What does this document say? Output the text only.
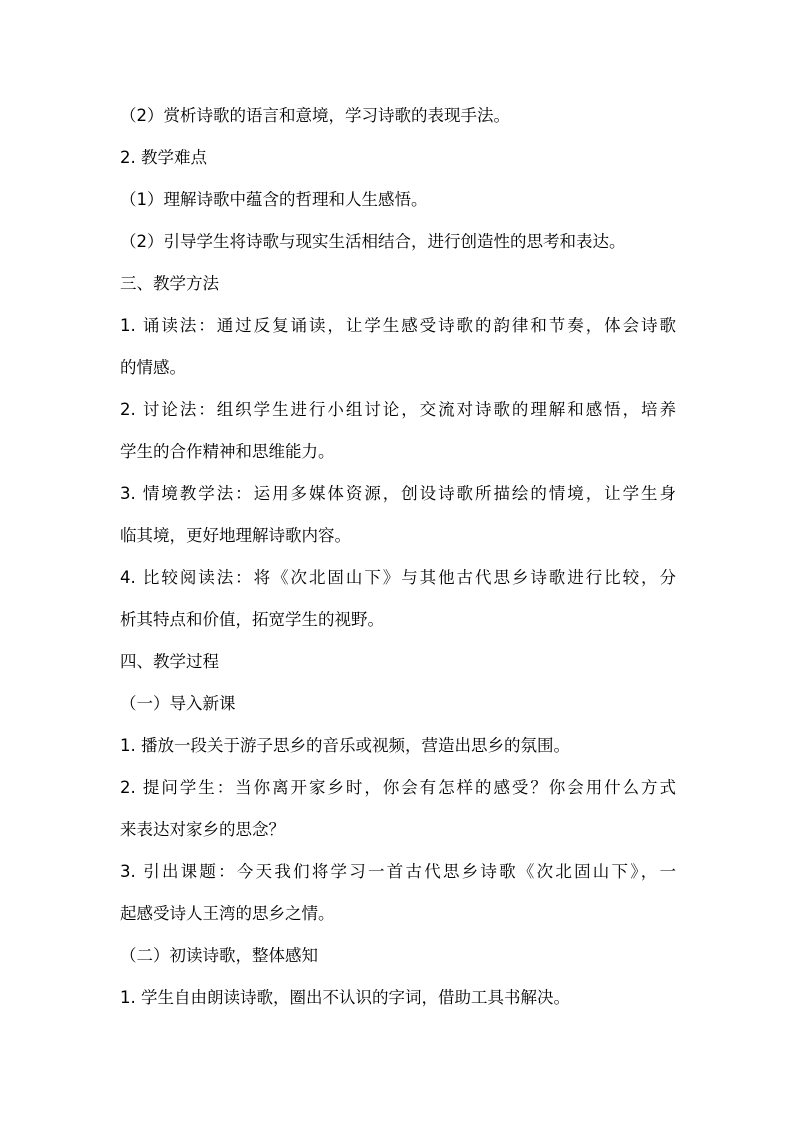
（2）赏析诗歌的语言和意境，学习诗歌的表现手法。
2. 教学难点
（1）理解诗歌中蕴含的哲理和人生感悟。
（2）引导学生将诗歌与现实生活相结合，进行创造性的思考和表达。
三、教学方法
1. 诵读法：通过反复诵读，让学生感受诗歌的韵律和节奏，体会诗歌
的情感。
2. 讨论法：组织学生进行小组讨论，交流对诗歌的理解和感悟，培养
学生的合作精神和思维能力。
3. 情境教学法：运用多媒体资源，创设诗歌所描绘的情境，让学生身
临其境，更好地理解诗歌内容。
4. 比较阅读法：将《次北固山下》与其他古代思乡诗歌进行比较，分
析其特点和价值，拓宽学生的视野。
四、教学过程
（一）导入新课
1. 播放一段关于游子思乡的音乐或视频，营造出思乡的氛围。
2. 提问学生：当你离开家乡时，你会有怎样的感受？你会用什么方式
来表达对家乡的思念？
3. 引出课题：今天我们将学习一首古代思乡诗歌《次北固山下》，一
起感受诗人王湾的思乡之情。
（二）初读诗歌，整体感知
1. 学生自由朗读诗歌，圈出不认识的字词，借助工具书解决。
